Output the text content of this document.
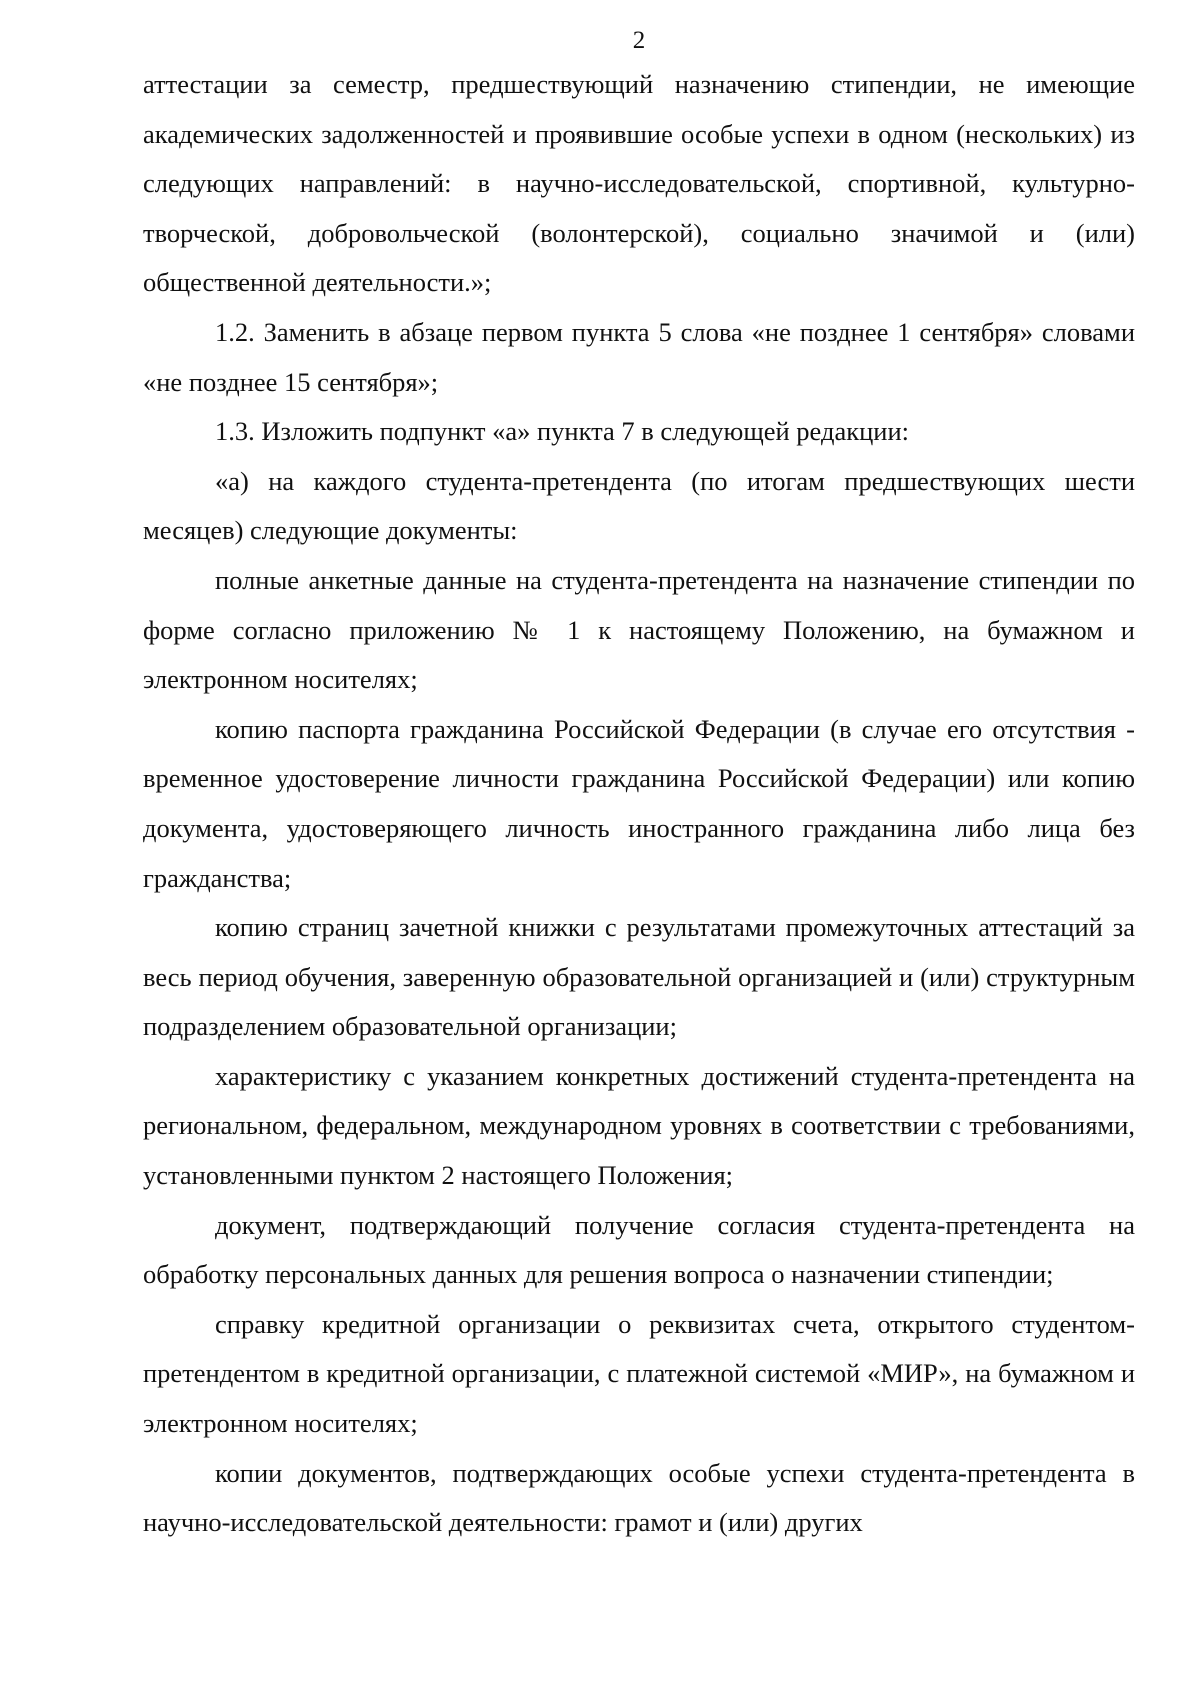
2

аттестации за семестр, предшествующий назначению стипендии, не имеющие академических задолженностей и проявившие особые успехи в одном (нескольких) из следующих направлений: в научно-исследовательской, спортивной, культурно-творческой, добровольческой (волонтерской), социально значимой и (или) общественной деятельности.»;

1.2. Заменить в абзаце первом пункта 5 слова «не позднее 1 сентября» словами «не позднее 15 сентября»;

1.3. Изложить подпункт «а» пункта 7 в следующей редакции:

«а) на каждого студента-претендента (по итогам предшествующих шести месяцев) следующие документы:

полные анкетные данные на студента-претендента на назначение стипендии по форме согласно приложению № 1 к настоящему Положению, на бумажном и электронном носителях;

копию паспорта гражданина Российской Федерации (в случае его отсутствия - временное удостоверение личности гражданина Российской Федерации) или копию документа, удостоверяющего личность иностранного гражданина либо лица без гражданства;

копию страниц зачетной книжки с результатами промежуточных аттестаций за весь период обучения, заверенную образовательной организацией и (или) структурным подразделением образовательной организации;

характеристику с указанием конкретных достижений студента-претендента на региональном, федеральном, международном уровнях в соответствии с требованиями, установленными пунктом 2 настоящего Положения;

документ, подтверждающий получение согласия студента-претендента на обработку персональных данных для решения вопроса о назначении стипендии;

справку кредитной организации о реквизитах счета, открытого студентом-претендентом в кредитной организации, с платежной системой «МИР», на бумажном и электронном носителях;

копии документов, подтверждающих особые успехи студента-претендента в научно-исследовательской деятельности: грамот и (или) других
